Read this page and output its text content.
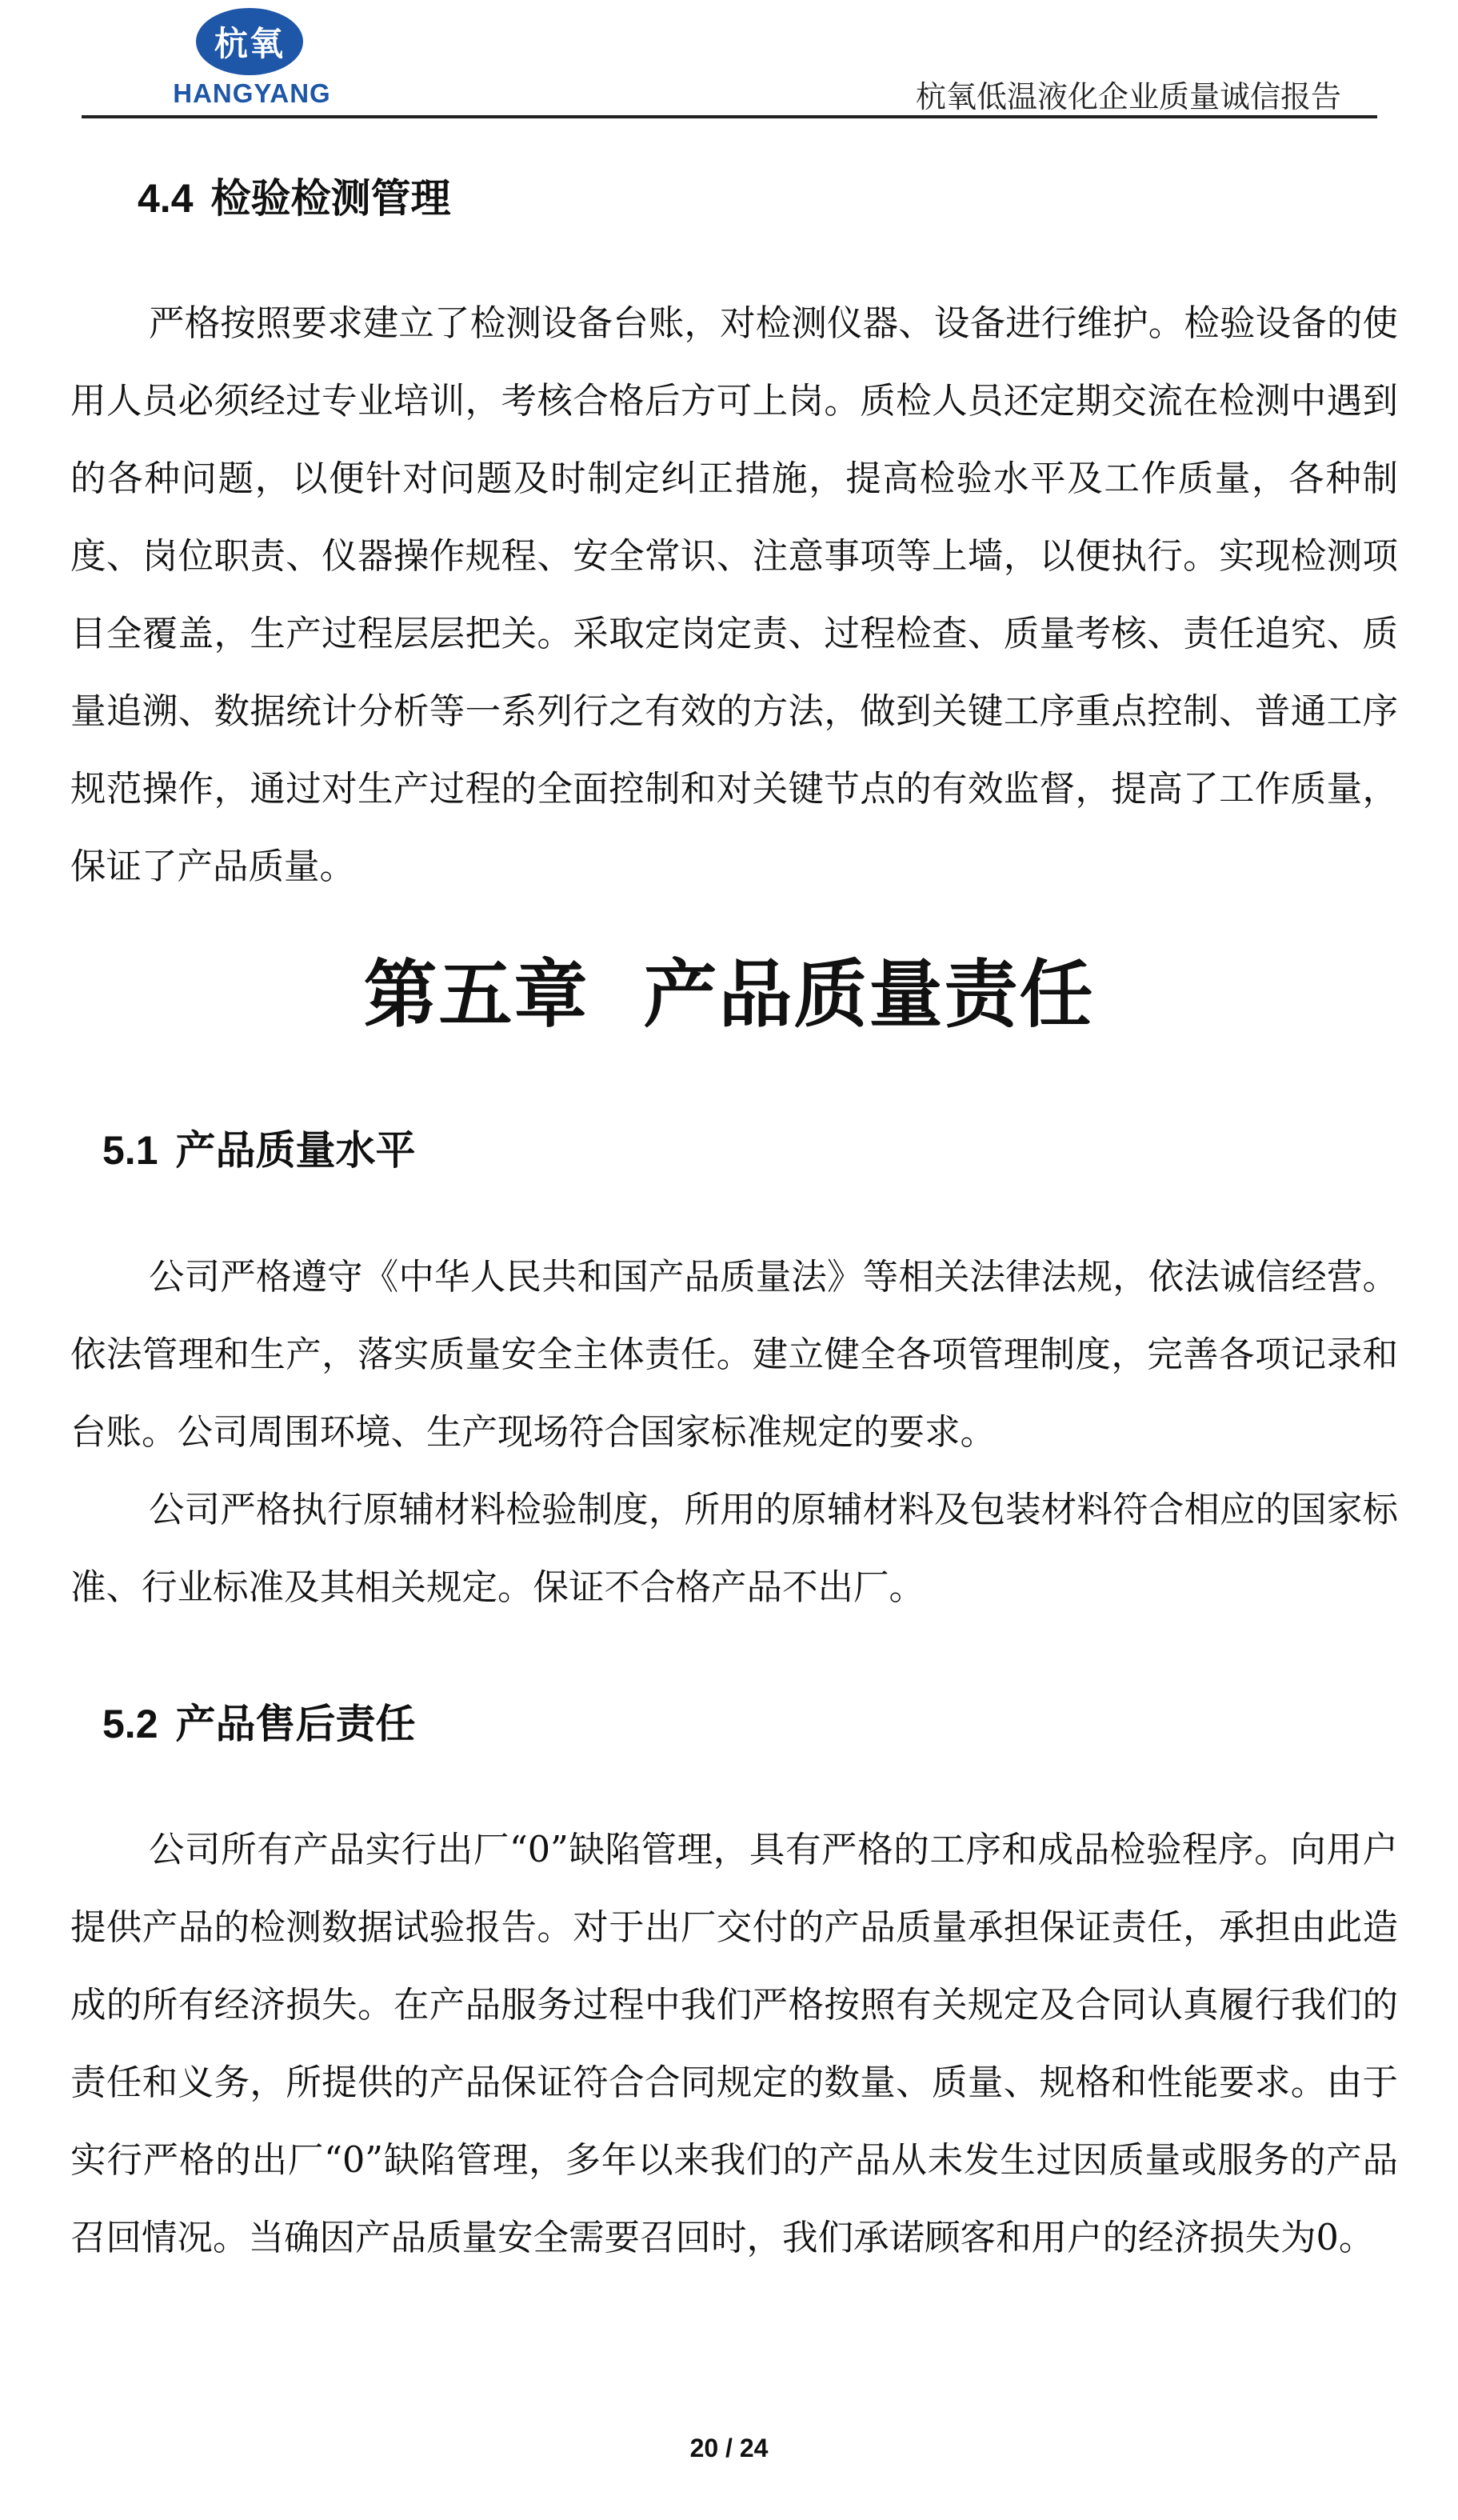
杭氧
HANGYANG	杭氧低温液化企业质量诚信报告
4.4 检验检测管理

严格按照要求建立了检测设备台账，对检测仪器、设备进行维护。检验设备的使用人员必须经过专业培训，考核合格后方可上岗。质检人员还定期交流在检测中遇到的各种问题，以便针对问题及时制定纠正措施，提高检验水平及工作质量，各种制度、岗位职责、仪器操作规程、安全常识、注意事项等上墙，以便执行。实现检测项目全覆盖，生产过程层层把关。采取定岗定责、过程检查、质量考核、责任追究、质量追溯、数据统计分析等一系列行之有效的方法，做到关键工序重点控制、普通工序规范操作，通过对生产过程的全面控制和对关键节点的有效监督，提高了工作质量，保证了产品质量。

第五章  产品质量责任
5.1 产品质量水平

公司严格遵守《中华人民共和国产品质量法》等相关法律法规，依法诚信经营。依法管理和生产，落实质量安全主体责任。建立健全各项管理制度，完善各项记录和台账。公司周围环境、生产现场符合国家标准规定的要求。

公司严格执行原辅材料检验制度，所用的原辅材料及包装材料符合相应的国家标准、行业标准及其相关规定。保证不合格产品不出厂。

5.2 产品售后责任

公司所有产品实行出厂“0”缺陷管理，具有严格的工序和成品检验程序。向用户提供产品的检测数据试验报告。对于出厂交付的产品质量承担保证责任，承担由此造成的所有经济损失。在产品服务过程中我们严格按照有关规定及合同认真履行我们的责任和义务，所提供的产品保证符合合同规定的数量、质量、规格和性能要求。由于实行严格的出厂“0”缺陷管理，多年以来我们的产品从未发生过因质量或服务的产品召回情况。当确因产品质量安全需要召回时，我们承诺顾客和用户的经济损失为0。

20 / 24
